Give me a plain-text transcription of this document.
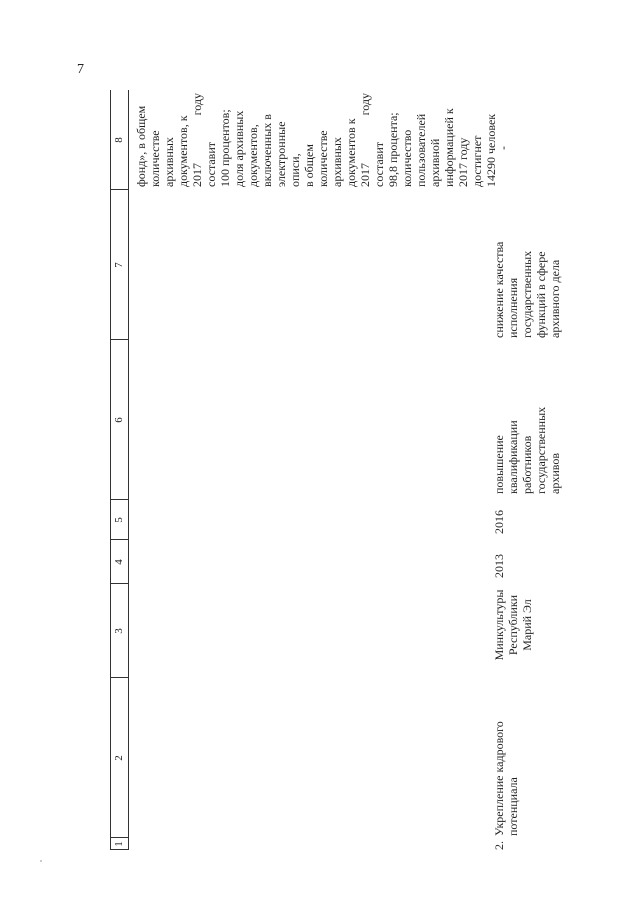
7
1
2
3
4
5
6
7
8
фонд», в общем
количестве
архивных
документов, к
2017 году составит
100 процентов;
доля архивных
документов,
включенных в
электронные описи,
в общем
количестве
архивных
документов к
2017 году составит
98,8 процента;
количество
пользователей
архивной
информацией к
2017 году
достигнет
14290 человек
2.
Укрепление кадрового
потенциала
Минкультуры
Республики
Марий Эл
2013
2016
повышение
квалификации
работников
государственных
архивов
снижение качества
исполнения
государственных
функций в сфере
архивного дела
-
